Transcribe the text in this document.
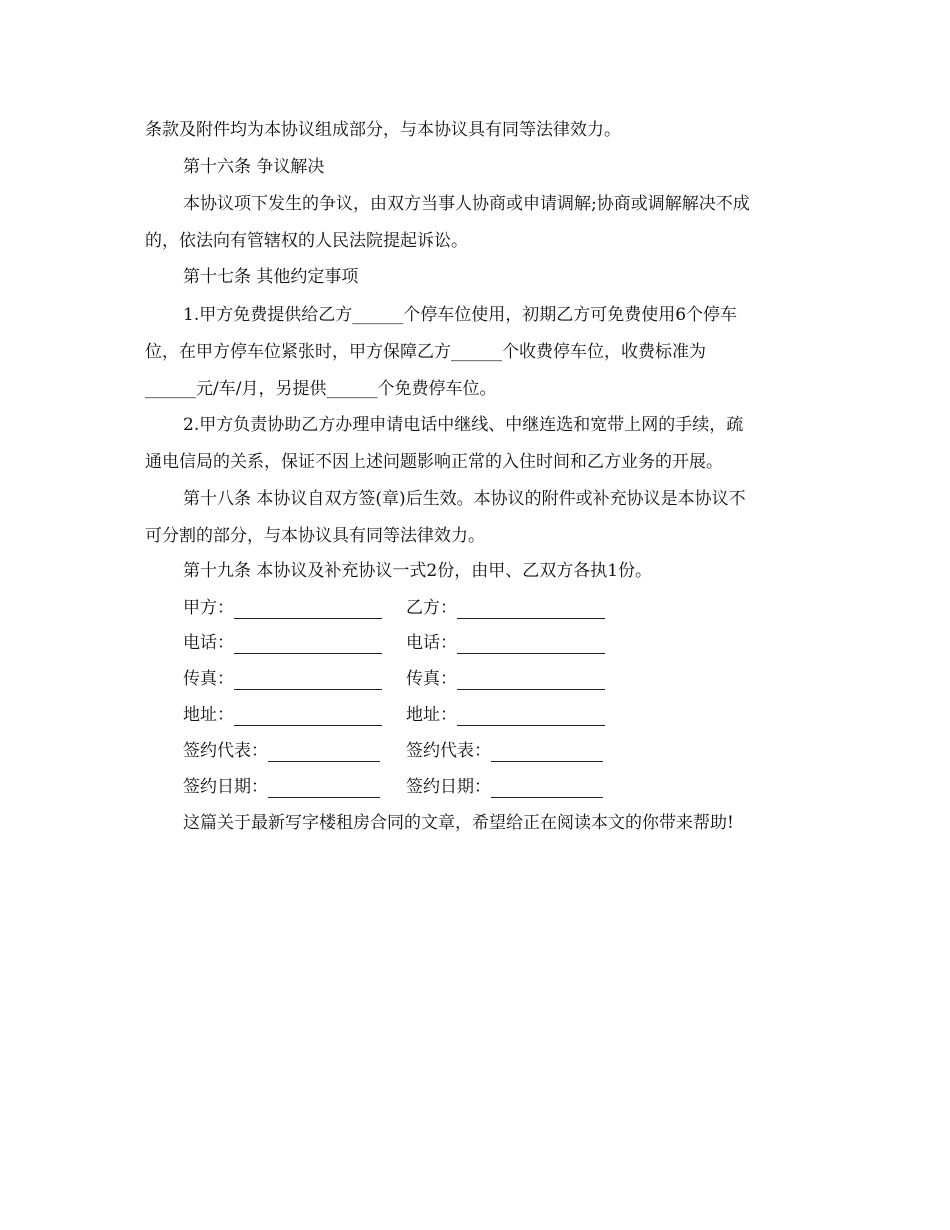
条款及附件均为本协议组成部分，与本协议具有同等法律效力。
第十六条 争议解决
本协议项下发生的争议，由双方当事人协商或申请调解;协商或调解解决不成
的，依法向有管辖权的人民法院提起诉讼。
第十七条 其他约定事项
1.甲方免费提供给乙方______个停车位使用，初期乙方可免费使用6个停车
位，在甲方停车位紧张时，甲方保障乙方______个收费停车位，收费标准为
______元/车/月，另提供______个免费停车位。
2.甲方负责协助乙方办理申请电话中继线、中继连选和宽带上网的手续，疏
通电信局的关系，保证不因上述问题影响正常的入住时间和乙方业务的开展。
第十八条 本协议自双方签(章)后生效。本协议的附件或补充协议是本协议不
可分割的部分，与本协议具有同等法律效力。
第十九条 本协议及补充协议一式2份，由甲、乙双方各执1份。
甲方：	乙方：
电话：	电话：
传真：	传真：
地址：	地址：
签约代表：	签约代表：
签约日期：	签约日期：
这篇关于最新写字楼租房合同的文章，希望给正在阅读本文的你带来帮助!
